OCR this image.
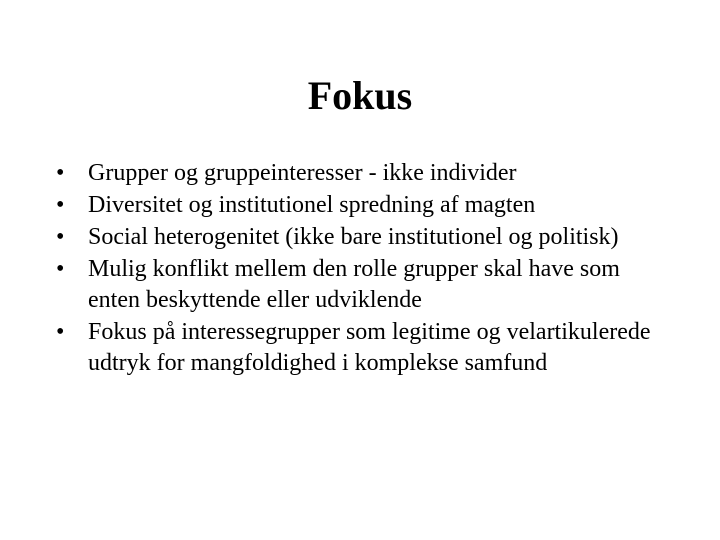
Fokus
• Grupper og gruppeinteresser - ikke individer
• Diversitet og institutionel spredning af magten
• Social heterogenitet (ikke bare institutionel og politisk)
• Mulig konflikt mellem den rolle grupper skal have som enten beskyttende eller udviklende
• Fokus på interessegrupper som legitime og velartikulerede udtryk for mangfoldighed i komplekse samfund
